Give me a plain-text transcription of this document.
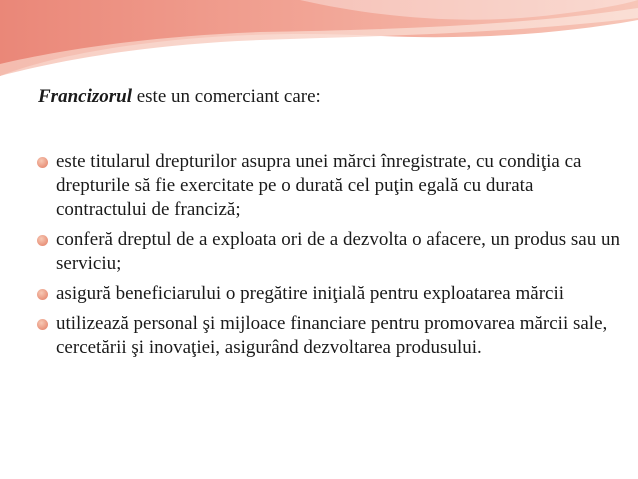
Francizorul este un comerciant care:

este titularul drepturilor asupra unei mărci înregistrate, cu condiţia ca drepturile să fie exercitate pe o durată cel puţin egală cu durata contractului de franciză;
conferă dreptul de a exploata ori de a dezvolta o afacere, un produs sau un serviciu;
asigură beneficiarului o pregătire iniţială pentru exploatarea mărcii
utilizează personal şi mijloace financiare pentru promovarea mărcii sale, cercetării şi inovaţiei, asigurând dezvoltarea produsului.
